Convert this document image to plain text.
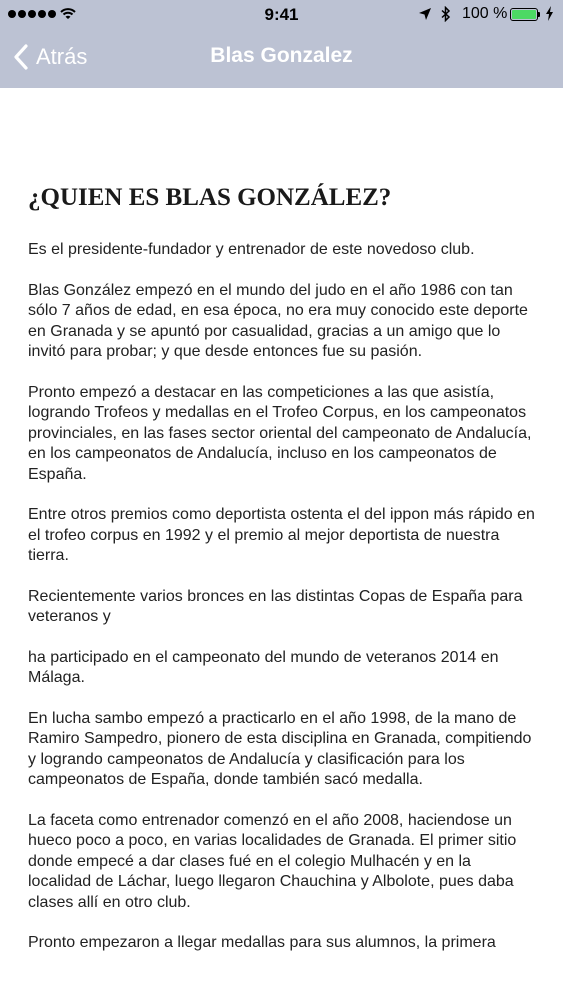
9:41	100 %
Atrás	Blas Gonzalez
¿QUIEN ES BLAS GONZÁLEZ?

Es el presidente-fundador y entrenador de este novedoso club.

Blas González empezó en el mundo del judo en el año 1986 con tan sólo 7 años de edad, en esa época, no era muy conocido este deporte en Granada y se apuntó por casualidad, gracias a un amigo que lo invitó para probar; y que desde entonces fue su pasión.

Pronto empezó a destacar en las competiciones a las que asistía, logrando Trofeos y medallas en el Trofeo Corpus, en los campeonatos provinciales, en las fases sector oriental del campeonato de Andalucía, en los campeonatos de Andalucía, incluso en los campeonatos de España.

Entre otros premios como deportista ostenta el del ippon más rápido en el trofeo corpus en 1992 y el premio al mejor deportista de nuestra tierra.

Recientemente varios bronces en las distintas Copas de España para veteranos y

ha participado en el campeonato del mundo de veteranos 2014 en Málaga.

En lucha sambo empezó a practicarlo en el año 1998, de la mano de Ramiro Sampedro, pionero de esta disciplina en Granada, compitiendo y logrando campeonatos de Andalucía y clasificación para los campeonatos de España, donde también sacó medalla.

La faceta como entrenador comenzó en el año 2008, haciendose un hueco poco a poco, en varias localidades de Granada. El primer sitio donde empecé a dar clases fué en el colegio Mulhacén y en la localidad de Láchar, luego llegaron Chauchina y Albolote, pues daba clases allí en otro club.

Pronto empezaron a llegar medallas para sus alumnos, la primera
